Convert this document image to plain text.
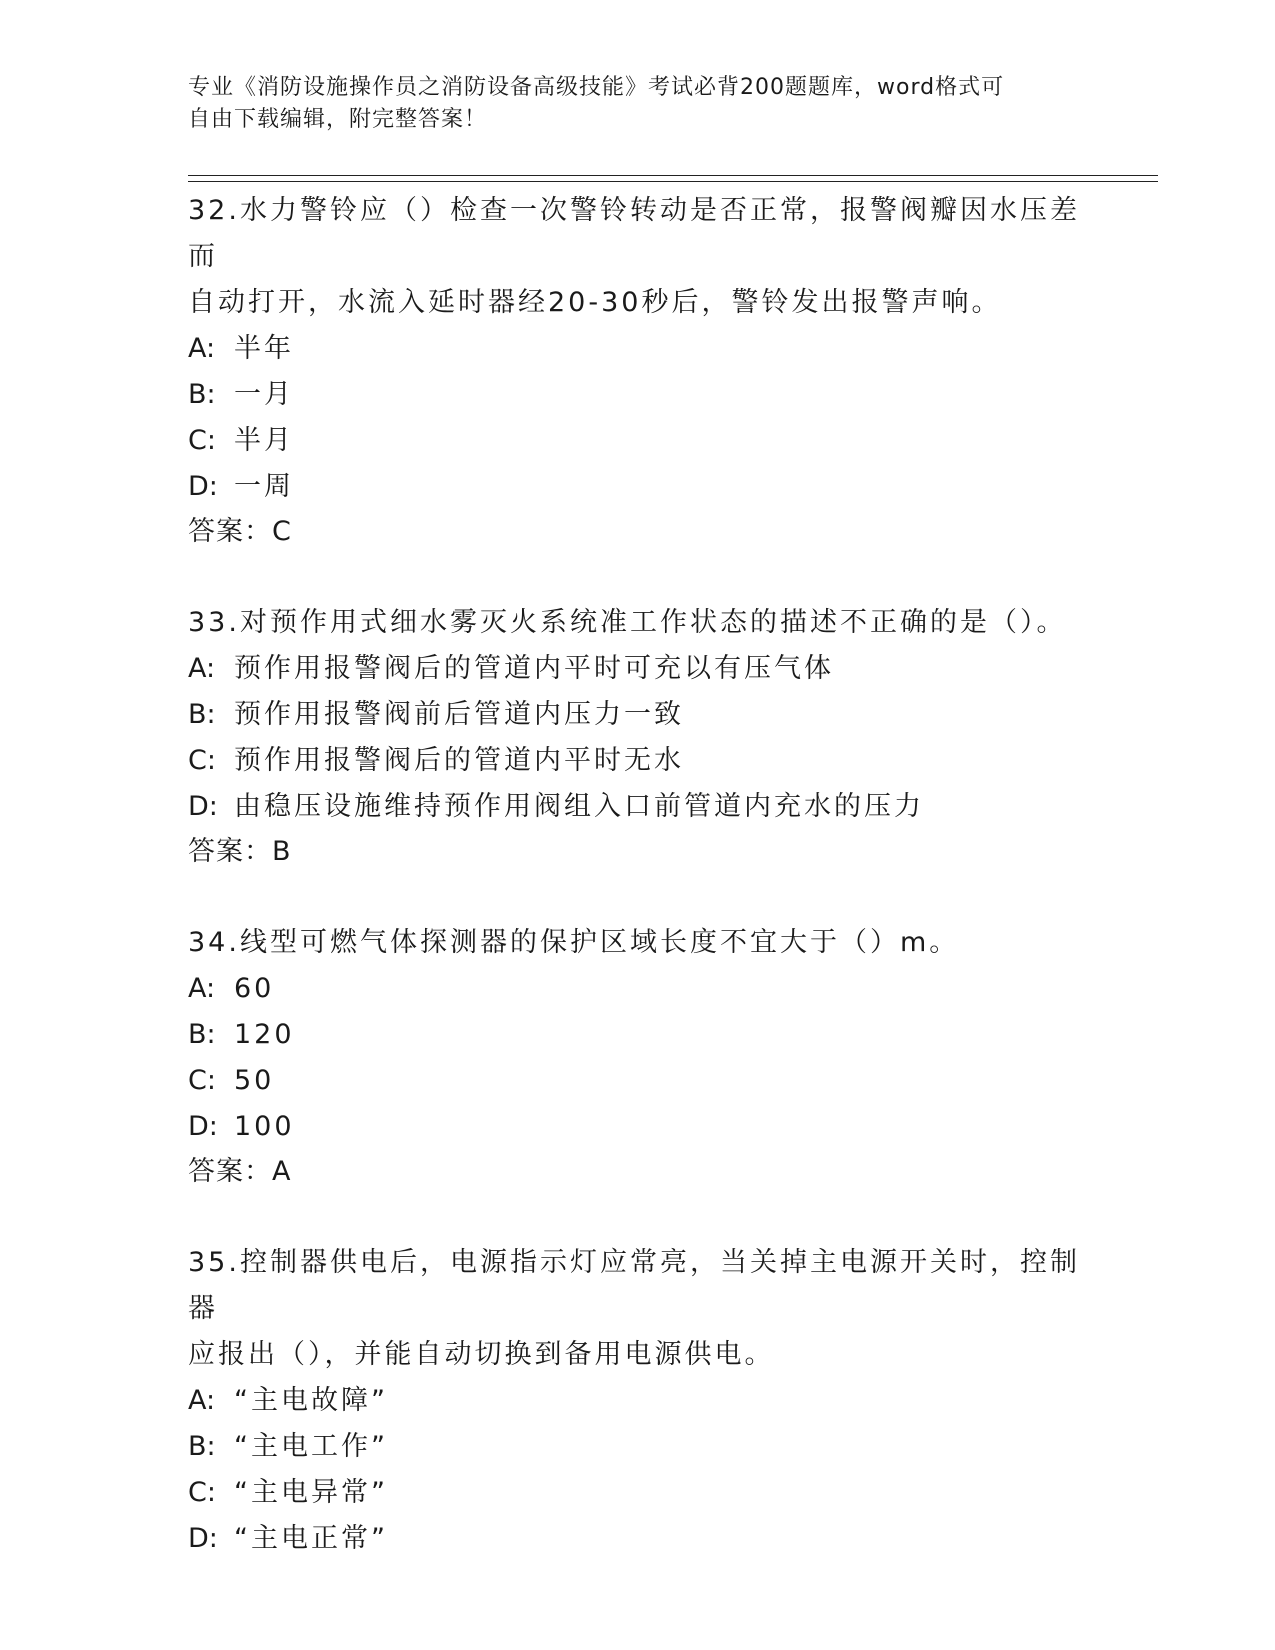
专业《消防设施操作员之消防设备高级技能》考试必背200题题库，word格式可
自由下载编辑，附完整答案！
32.水力警铃应（）检查一次警铃转动是否正常，报警阀瓣因水压差而
自动打开，水流入延时器经20-30秒后，警铃发出报警声响。
A: 半年
B: 一月
C: 半月
D: 一周
答案：C
33.对预作用式细水雾灭火系统准工作状态的描述不正确的是（）。
A: 预作用报警阀后的管道内平时可充以有压气体
B: 预作用报警阀前后管道内压力一致
C: 预作用报警阀后的管道内平时无水
D: 由稳压设施维持预作用阀组入口前管道内充水的压力
答案：B
34.线型可燃气体探测器的保护区域长度不宜大于（）m。
A: 60
B: 120
C: 50
D: 100
答案：A
35.控制器供电后，电源指示灯应常亮，当关掉主电源开关时，控制器
应报出（），并能自动切换到备用电源供电。
A: “主电故障”
B: “主电工作”
C: “主电异常”
D: “主电正常”
